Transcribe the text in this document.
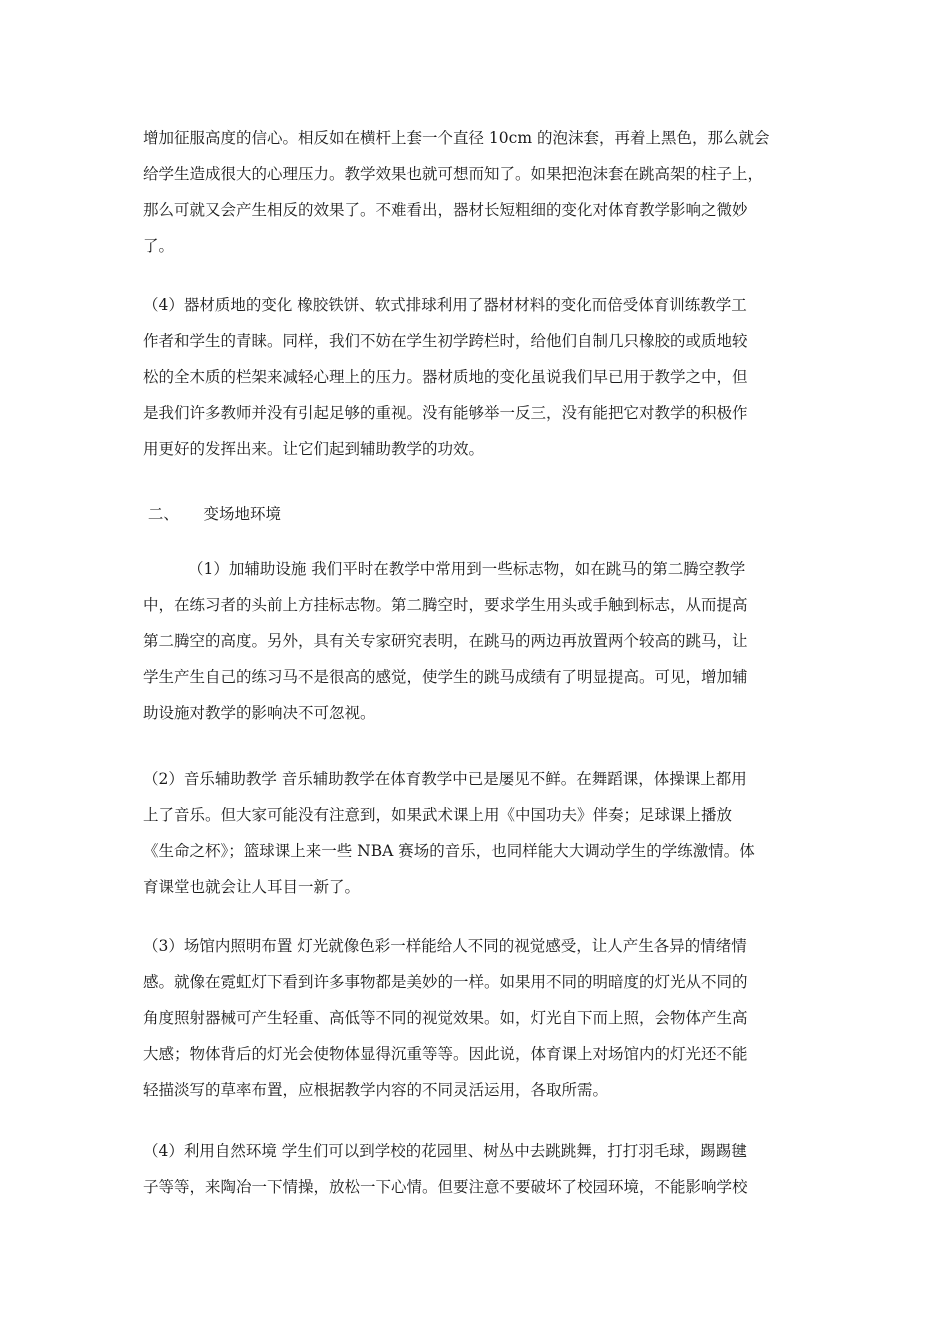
增加征服高度的信心。相反如在横杆上套一个直径 10cm 的泡沫套，再着上黑色，那么就会
给学生造成很大的心理压力。教学效果也就可想而知了。如果把泡沫套在跳高架的柱子上，
那么可就又会产生相反的效果了。不难看出，器材长短粗细的变化对体育教学影响之微妙
了。

（4）器材质地的变化 橡胶铁饼、软式排球利用了器材材料的变化而倍受体育训练教学工
作者和学生的青睐。同样，我们不妨在学生初学跨栏时，给他们自制几只橡胶的或质地较
松的全木质的栏架来减轻心理上的压力。器材质地的变化虽说我们早已用于教学之中，但
是我们许多教师并没有引起足够的重视。没有能够举一反三，没有能把它对教学的积极作
用更好的发挥出来。让它们起到辅助教学的功效。

二、     变场地环境

（1）加辅助设施 我们平时在教学中常用到一些标志物，如在跳马的第二腾空教学
中，在练习者的头前上方挂标志物。第二腾空时，要求学生用头或手触到标志，从而提高
第二腾空的高度。另外，具有关专家研究表明，在跳马的两边再放置两个较高的跳马，让
学生产生自己的练习马不是很高的感觉，使学生的跳马成绩有了明显提高。可见，增加辅
助设施对教学的影响决不可忽视。

（2）音乐辅助教学 音乐辅助教学在体育教学中已是屡见不鲜。在舞蹈课，体操课上都用
上了音乐。但大家可能没有注意到，如果武术课上用《中国功夫》伴奏；足球课上播放
《生命之杯》；篮球课上来一些 NBA 赛场的音乐，也同样能大大调动学生的学练激情。体
育课堂也就会让人耳目一新了。

（3）场馆内照明布置 灯光就像色彩一样能给人不同的视觉感受，让人产生各异的情绪情
感。就像在霓虹灯下看到许多事物都是美妙的一样。如果用不同的明暗度的灯光从不同的
角度照射器械可产生轻重、高低等不同的视觉效果。如，灯光自下而上照，会物体产生高
大感；物体背后的灯光会使物体显得沉重等等。因此说，体育课上对场馆内的灯光还不能
轻描淡写的草率布置，应根据教学内容的不同灵活运用，各取所需。

（4）利用自然环境 学生们可以到学校的花园里、树丛中去跳跳舞，打打羽毛球，踢踢毽
子等等，来陶冶一下情操，放松一下心情。但要注意不要破坏了校园环境，不能影响学校
